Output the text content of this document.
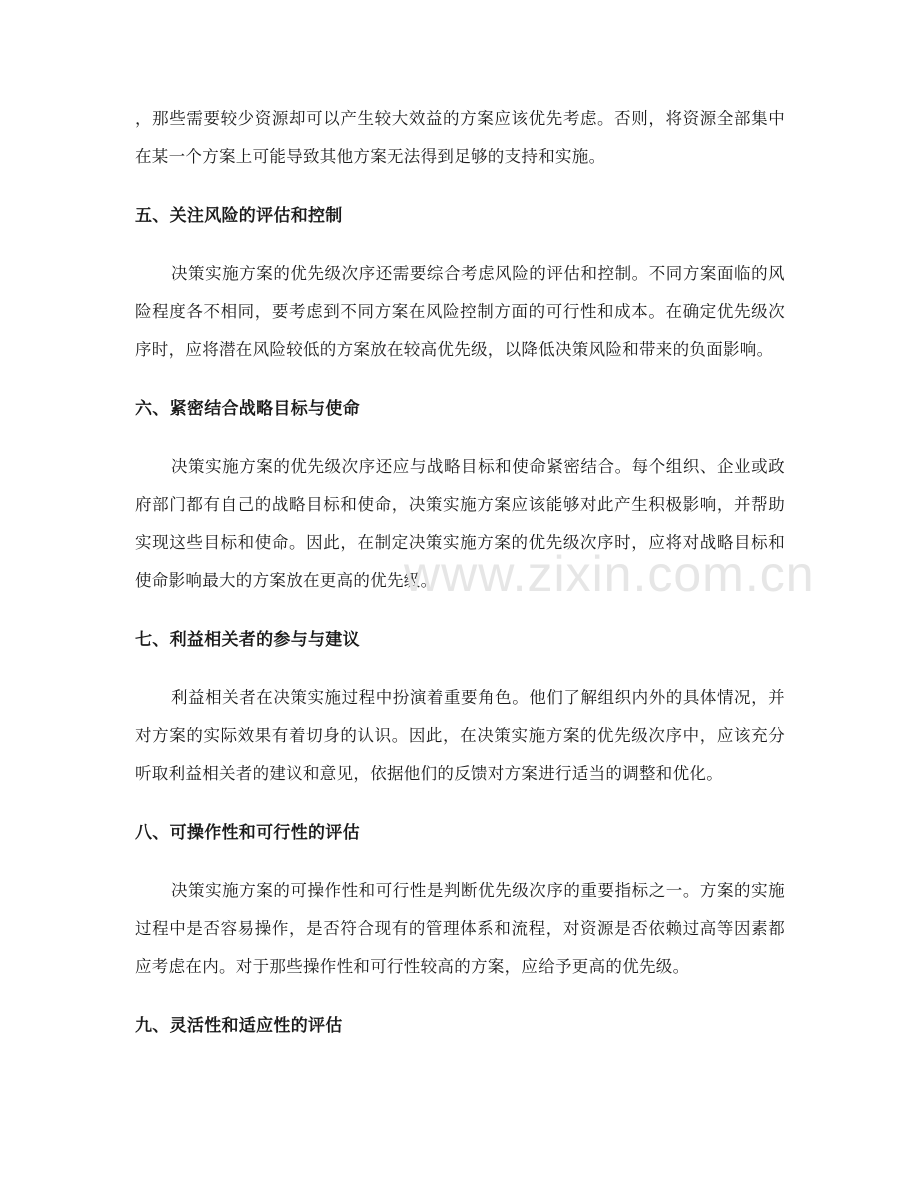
，那些需要较少资源却可以产生较大效益的方案应该优先考虑。否则，将资源全部集中在某一个方案上可能导致其他方案无法得到足够的支持和实施。

五、关注风险的评估和控制

决策实施方案的优先级次序还需要综合考虑风险的评估和控制。不同方案面临的风险程度各不相同，要考虑到不同方案在风险控制方面的可行性和成本。在确定优先级次序时，应将潜在风险较低的方案放在较高优先级，以降低决策风险和带来的负面影响。

六、紧密结合战略目标与使命

决策实施方案的优先级次序还应与战略目标和使命紧密结合。每个组织、企业或政府部门都有自己的战略目标和使命，决策实施方案应该能够对此产生积极影响，并帮助实现这些目标和使命。因此，在制定决策实施方案的优先级次序时，应将对战略目标和使命影响最大的方案放在更高的优先级。

七、利益相关者的参与与建议

利益相关者在决策实施过程中扮演着重要角色。他们了解组织内外的具体情况，并对方案的实际效果有着切身的认识。因此，在决策实施方案的优先级次序中，应该充分听取利益相关者的建议和意见，依据他们的反馈对方案进行适当的调整和优化。

八、可操作性和可行性的评估

决策实施方案的可操作性和可行性是判断优先级次序的重要指标之一。方案的实施过程中是否容易操作，是否符合现有的管理体系和流程，对资源是否依赖过高等因素都应考虑在内。对于那些操作性和可行性较高的方案，应给予更高的优先级。

九、灵活性和适应性的评估
www.zixin.com.cn
